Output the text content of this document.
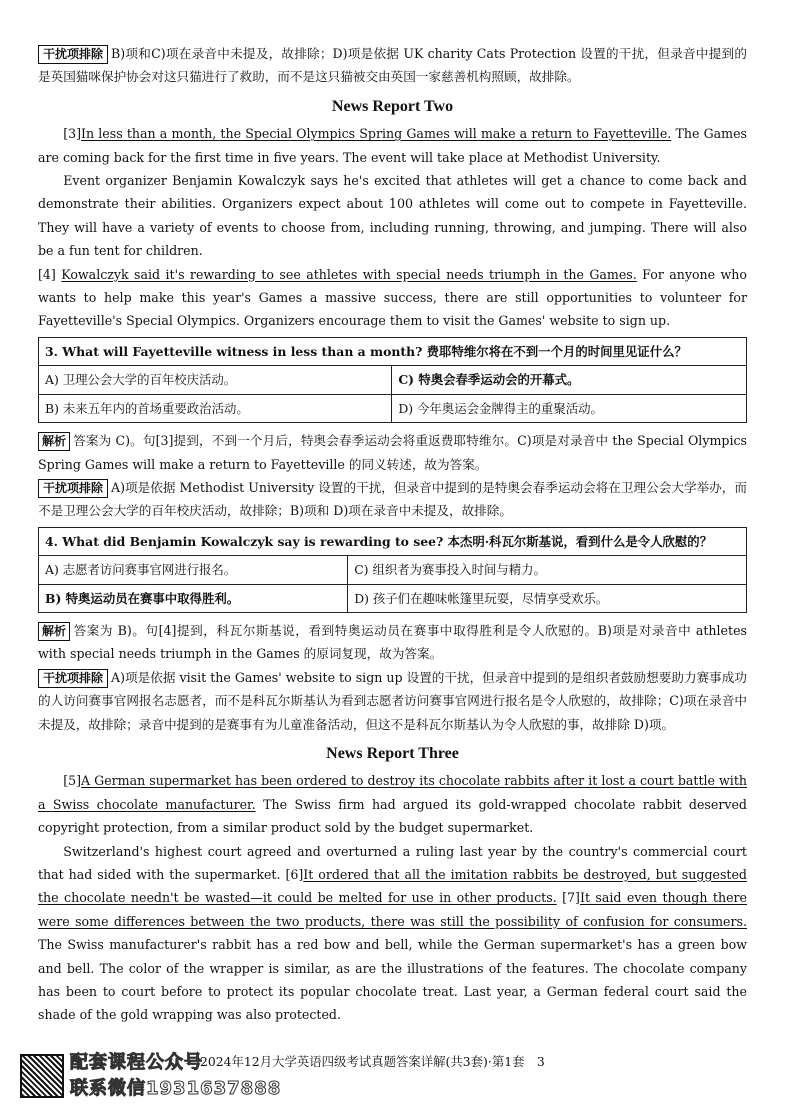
干扰项排除 B)项和C)项在录音中未提及，故排除；D)项是依据 UK charity Cats Protection 设置的干扰，但录音中提到的是英国猫咪保护协会对这只猫进行了救助，而不是这只猫被交由英国一家慈善机构照顾，故排除。

News Report Two

[3]In less than a month, the Special Olympics Spring Games will make a return to Fayetteville. The Games are coming back for the first time in five years. The event will take place at Methodist University.

Event organizer Benjamin Kowalczyk says he's excited that athletes will get a chance to come back and demonstrate their abilities. Organizers expect about 100 athletes will come out to compete in Fayetteville. They will have a variety of events to choose from, including running, throwing, and jumping. There will also be a fun tent for children.

[4] Kowalczyk said it's rewarding to see athletes with special needs triumph in the Games. For anyone who wants to help make this year's Games a massive success, there are still opportunities to volunteer for Fayetteville's Special Olympics. Organizers encourage them to visit the Games' website to sign up.

3. What will Fayetteville witness in less than a month? 费耶特维尔将在不到一个月的时间里见证什么？	
A) 卫理公会大学的百年校庆活动。	C) 特奥会春季运动会的开幕式。
B) 未来五年内的首场重要政治活动。	D) 今年奥运会金牌得主的重聚活动。

解析 答案为 C)。句[3]提到，不到一个月后，特奥会春季运动会将重返费耶特维尔。C)项是对录音中 the Special Olympics Spring Games will make a return to Fayetteville 的同义转述，故为答案。

干扰项排除 A)项是依据 Methodist University 设置的干扰，但录音中提到的是特奥会春季运动会将在卫理公会大学举办，而不是卫理公会大学的百年校庆活动，故排除；B)项和 D)项在录音中未提及，故排除。

4. What did Benjamin Kowalczyk say is rewarding to see? 本杰明·科瓦尔斯基说，看到什么是令人欣慰的？	
A) 志愿者访问赛事官网进行报名。	C) 组织者为赛事投入时间与精力。
B) 特奥运动员在赛事中取得胜利。	D) 孩子们在趣味帐篷里玩耍，尽情享受欢乐。

解析 答案为 B)。句[4]提到，科瓦尔斯基说，看到特奥运动员在赛事中取得胜利是令人欣慰的。B)项是对录音中 athletes with special needs triumph in the Games 的原词复现，故为答案。

干扰项排除 A)项是依据 visit the Games' website to sign up 设置的干扰，但录音中提到的是组织者鼓励想要助力赛事成功的人访问赛事官网报名志愿者，而不是科瓦尔斯基认为看到志愿者访问赛事官网进行报名是令人欣慰的，故排除；C)项在录音中未提及，故排除；录音中提到的是赛事有为儿童准备活动，但这不是科瓦尔斯基认为令人欣慰的事，故排除 D)项。

News Report Three

[5]A German supermarket has been ordered to destroy its chocolate rabbits after it lost a court battle with a Swiss chocolate manufacturer. The Swiss firm had argued its gold-wrapped chocolate rabbit deserved copyright protection, from a similar product sold by the budget supermarket.

Switzerland's highest court agreed and overturned a ruling last year by the country's commercial court that had sided with the supermarket. [6]It ordered that all the imitation rabbits be destroyed, but suggested the chocolate needn't be wasted—it could be melted for use in other products. [7]It said even though there were some differences between the two products, there was still the possibility of confusion for consumers. The Swiss manufacturer's rabbit has a red bow and bell, while the German supermarket's has a green bow and bell. The color of the wrapper is similar, as are the illustrations of the features. The chocolate company has been to court before to protect its popular chocolate treat. Last year, a German federal court said the shade of the gold wrapping was also protected.

配套课程公众号
联系微信1931637888
2024年12月大学英语四级考试真题答案详解(共3套)·第1套　3
